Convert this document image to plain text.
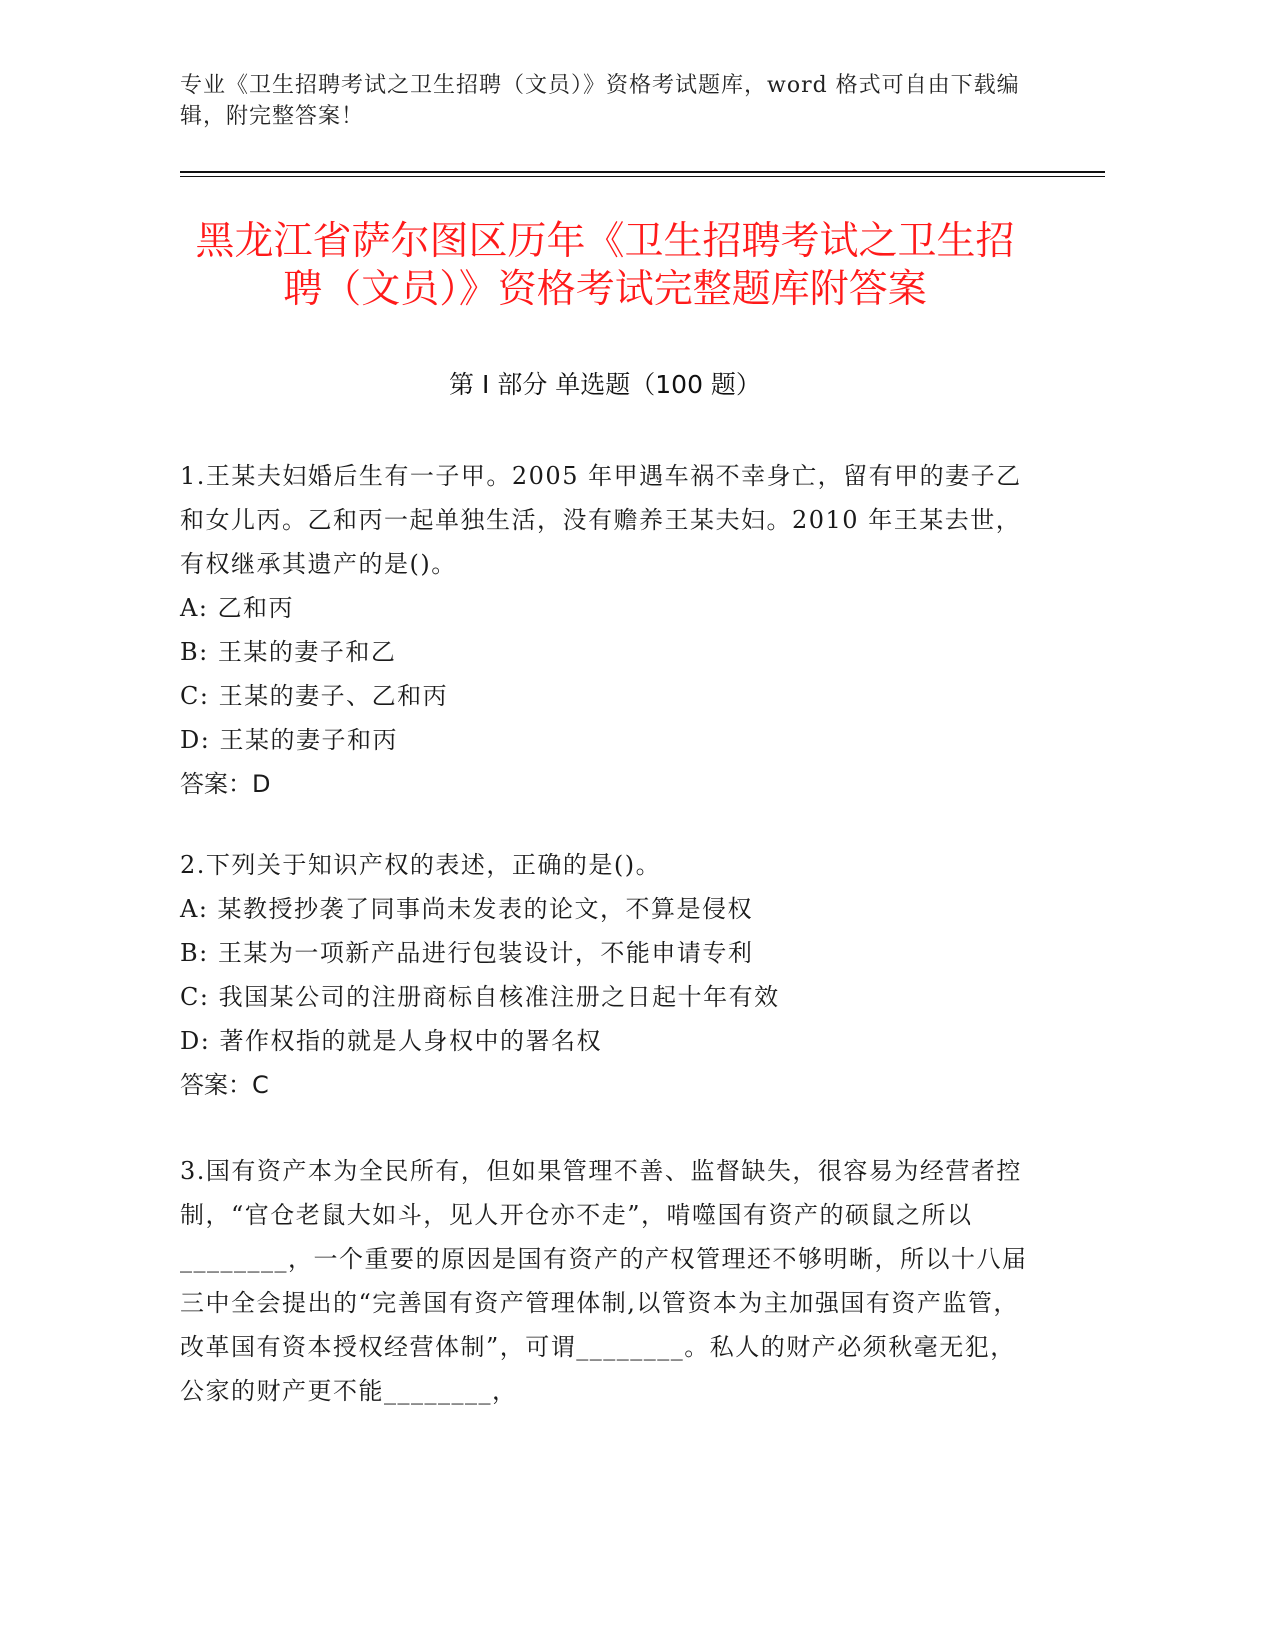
专业《卫生招聘考试之卫生招聘（文员）》资格考试题库，word 格式可自由下载编辑，附完整答案！
黑龙江省萨尔图区历年《卫生招聘考试之卫生招聘（文员）》资格考试完整题库附答案
第 I 部分 单选题（100 题）

1.王某夫妇婚后生有一子甲。2005 年甲遇车祸不幸身亡，留有甲的妻子乙和女儿丙。乙和丙一起单独生活，没有赡养王某夫妇。2010 年王某去世，有权继承其遗产的是()。

A: 乙和丙

B: 王某的妻子和乙

C: 王某的妻子、乙和丙

D: 王某的妻子和丙

答案：D

2.下列关于知识产权的表述，正确的是()。

A: 某教授抄袭了同事尚未发表的论文，不算是侵权

B: 王某为一项新产品进行包装设计，不能申请专利

C: 我国某公司的注册商标自核准注册之日起十年有效

D: 著作权指的就是人身权中的署名权

答案：C

3.国有资产本为全民所有，但如果管理不善、监督缺失，很容易为经营者控制，“官仓老鼠大如斗，见人开仓亦不走”，啃噬国有资产的硕鼠之所以________，一个重要的原因是国有资产的产权管理还不够明晰，所以十八届三中全会提出的“完善国有资产管理体制,以管资本为主加强国有资产监管，改革国有资本授权经营体制”，可谓________。私人的财产必须秋毫无犯，公家的财产更不能________，
